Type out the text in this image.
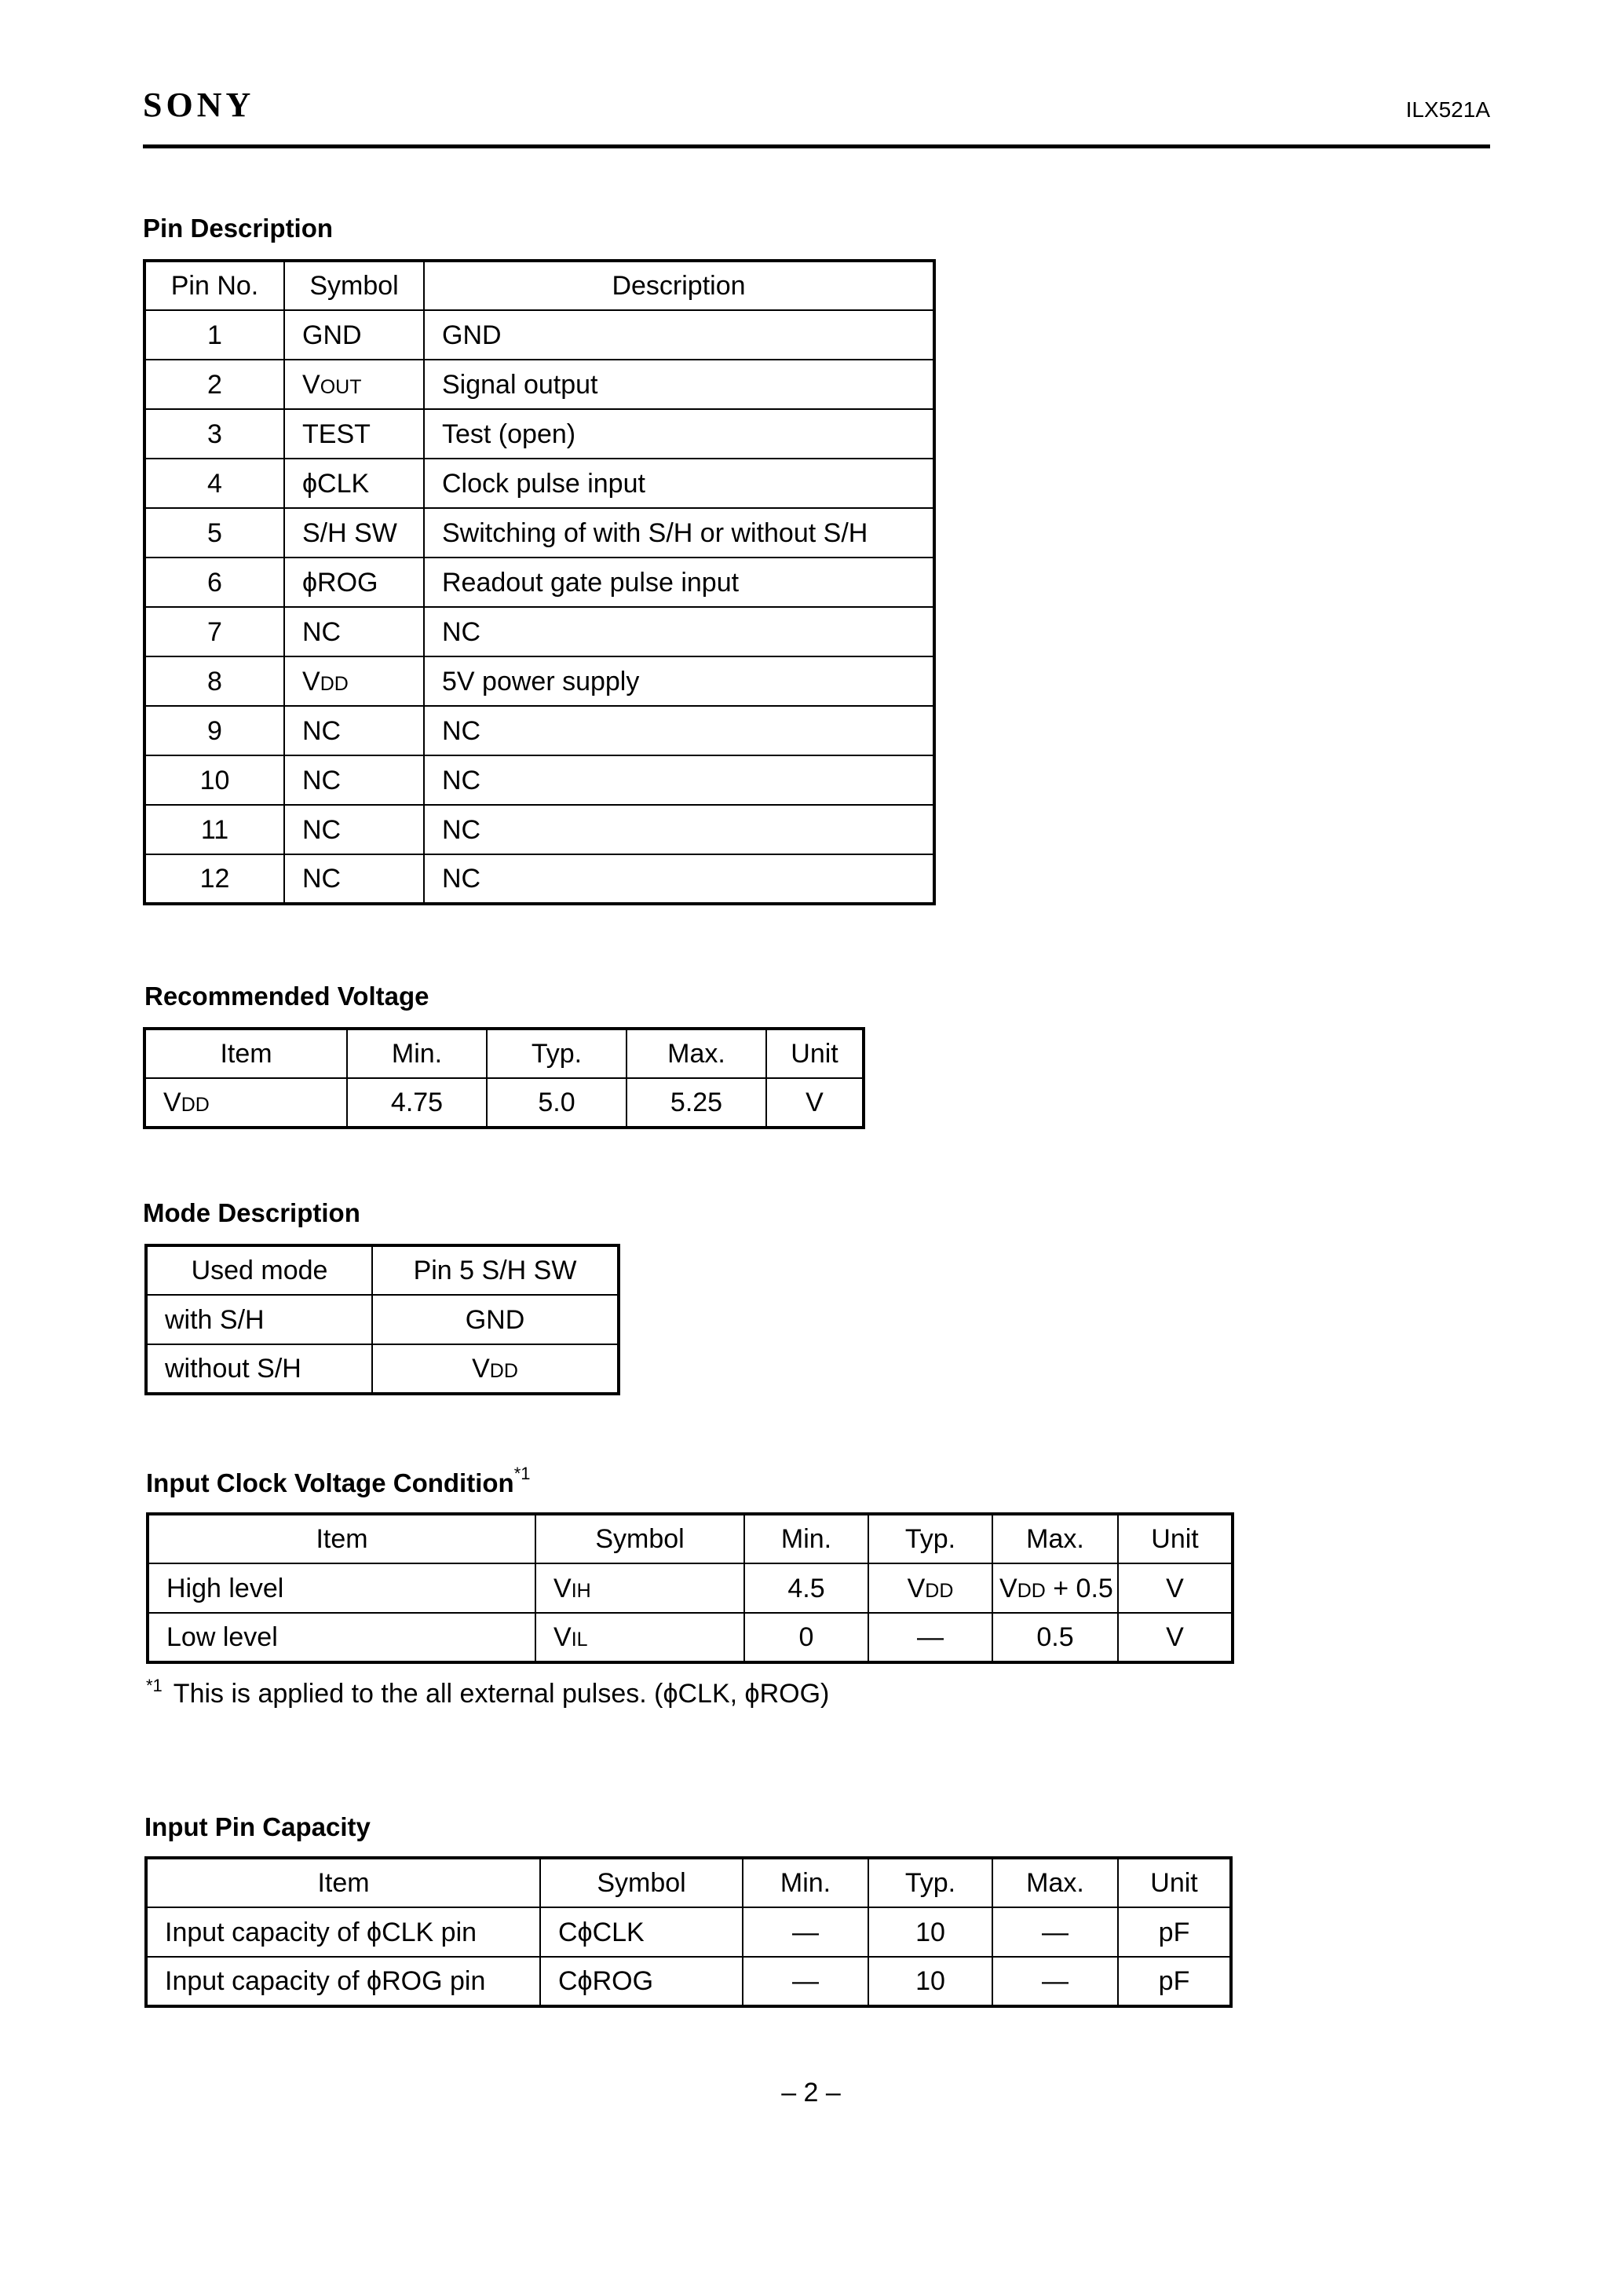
SONY	ILX521A
Pin Description
Pin No.	Symbol	Description
1	GND	GND
2	VOUT	Signal output
3	TEST	Test (open)
4	ϕCLK	Clock pulse input
5	S/H SW	Switching of with S/H or without S/H
6	ϕROG	Readout gate pulse input
7	NC	NC
8	VDD	5V power supply
9	NC	NC
10	NC	NC
11	NC	NC
12	NC	NC
Recommended Voltage
Item	Min.	Typ.	Max.	Unit
VDD	4.75	5.0	5.25	V
Mode Description
Used mode	Pin 5 S/H SW
with S/H	GND
without S/H	VDD
Input Clock Voltage Condition$^{*1}$
Item	Symbol	Min.	Typ.	Max.	Unit
High level	VIH	4.5	VDD	VDD + 0.5	V
Low level	VIL	0	—	0.5	V
$^{*1}$ This is applied to the all external pulses. (ϕCLK, ϕROG)
Input Pin Capacity
Item	Symbol	Min.	Typ.	Max.	Unit
Input capacity of ϕCLK pin	CϕCLK	—	10	—	pF
Input capacity of ϕROG pin	CϕROG	—	10	—	pF
– 2 –
